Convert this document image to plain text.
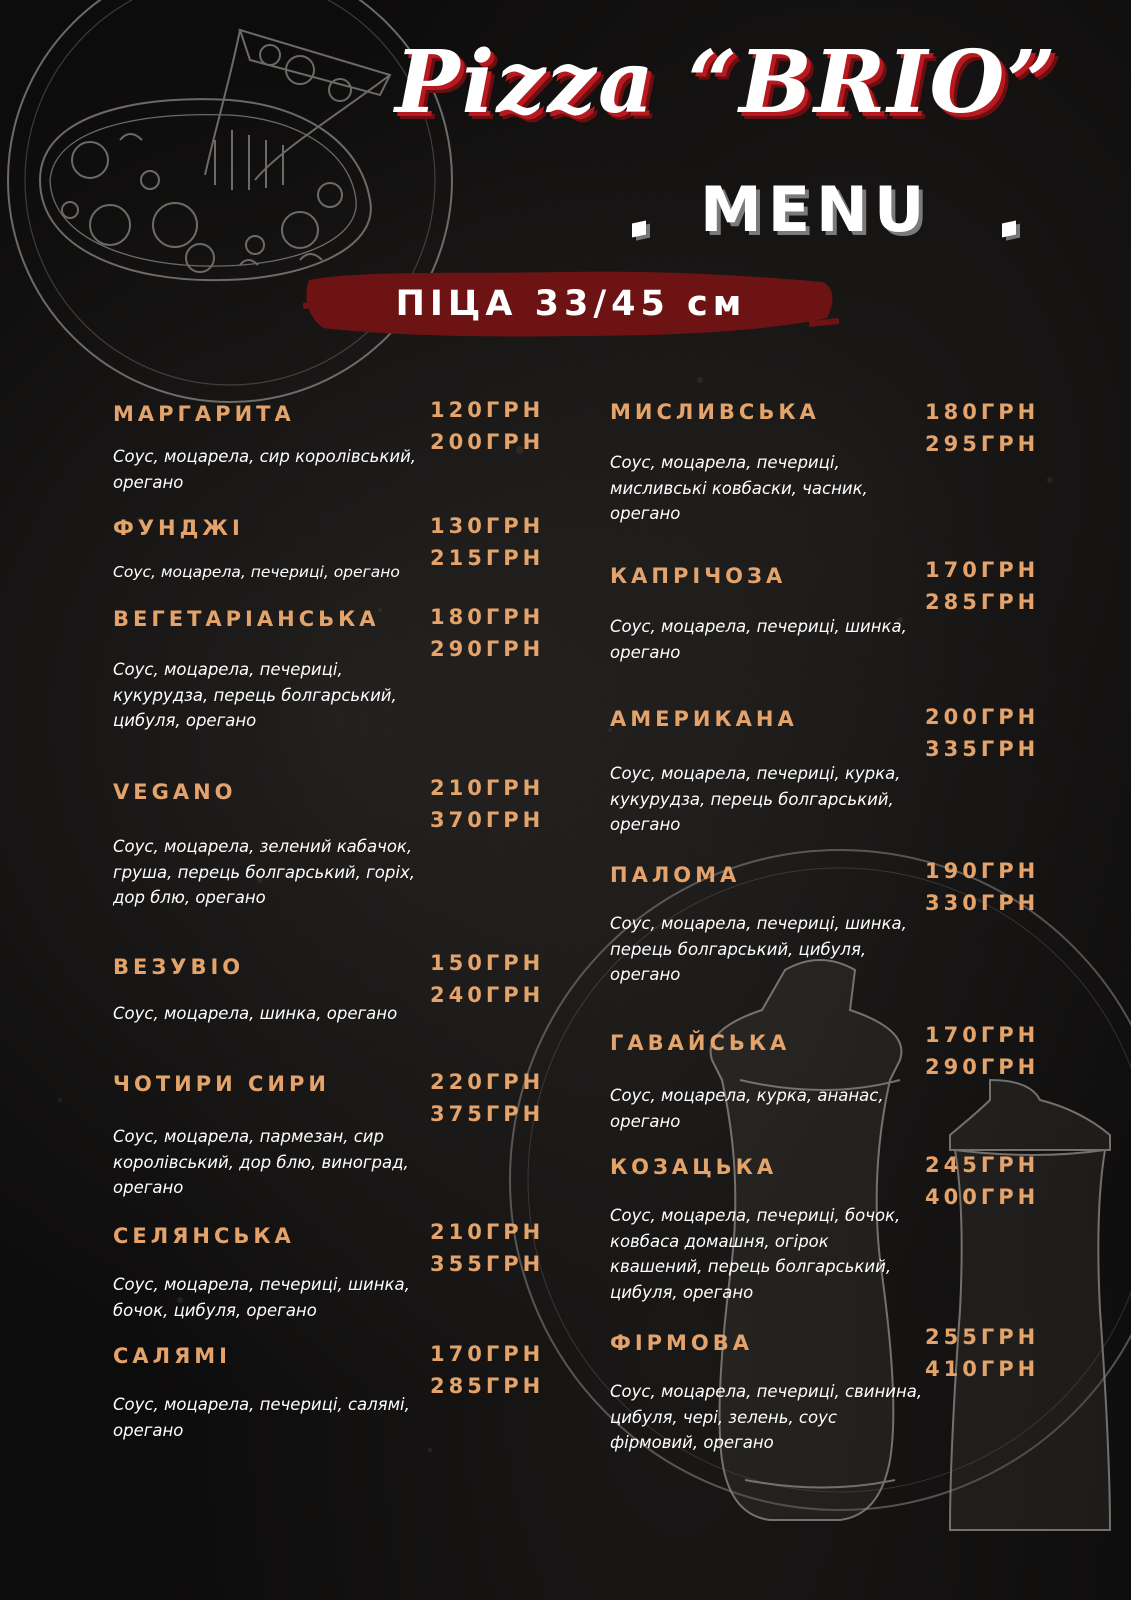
Pizza “BRIO”
MENU
ПІЦА 33/45 см
МАРГАРИТА
Соус, моцарела, сир королівський, орегано
120ГРН
200ГРН
ФУНДЖІ
Соус, моцарела, печериці, орегано
130ГРН
215ГРН
ВЕГЕТАРІАНСЬКА
Соус, моцарела, печериці, кукурудза, перець болгарський, цибуля, орегано
180ГРН
290ГРН
VEGANO
Соус, моцарела, зелений кабачок, груша, перець болгарський, горіх, дор блю, орегано
210ГРН
370ГРН
ВЕЗУВІО
Соус, моцарела, шинка, орегано
150ГРН
240ГРН
ЧОТИРИ СИРИ
Соус, моцарела, пармезан, сир королівський, дор блю, виноград, орегано
220ГРН
375ГРН
СЕЛЯНСЬКА
Соус, моцарела, печериці, шинка, бочок, цибуля, орегано
210ГРН
355ГРН
САЛЯМІ
Соус, моцарела, печериці, салямі, орегано
170ГРН
285ГРН
МИСЛИВСЬКА
Соус, моцарела, печериці, мисливські ковбаски, часник, орегано
180ГРН
295ГРН
КАПРІЧОЗА
Соус, моцарела, печериці, шинка, орегано
170ГРН
285ГРН
АМЕРИКАНА
Соус, моцарела, печериці, курка, кукурудза, перець болгарський, орегано
200ГРН
335ГРН
ПАЛОМА
Соус, моцарела, печериці, шинка, перець болгарський, цибуля, орегано
190ГРН
330ГРН
ГАВАЙСЬКА
Соус, моцарела, курка, ананас, орегано
170ГРН
290ГРН
КОЗАЦЬКА
Соус, моцарела, печериці, бочок, ковбаса домашня, огірок квашений, перець болгарський, цибуля, орегано
245ГРН
400ГРН
ФІРМОВА
Соус, моцарела, печериці, свинина, цибуля, чері, зелень, соус фірмовий, орегано
255ГРН
410ГРН
